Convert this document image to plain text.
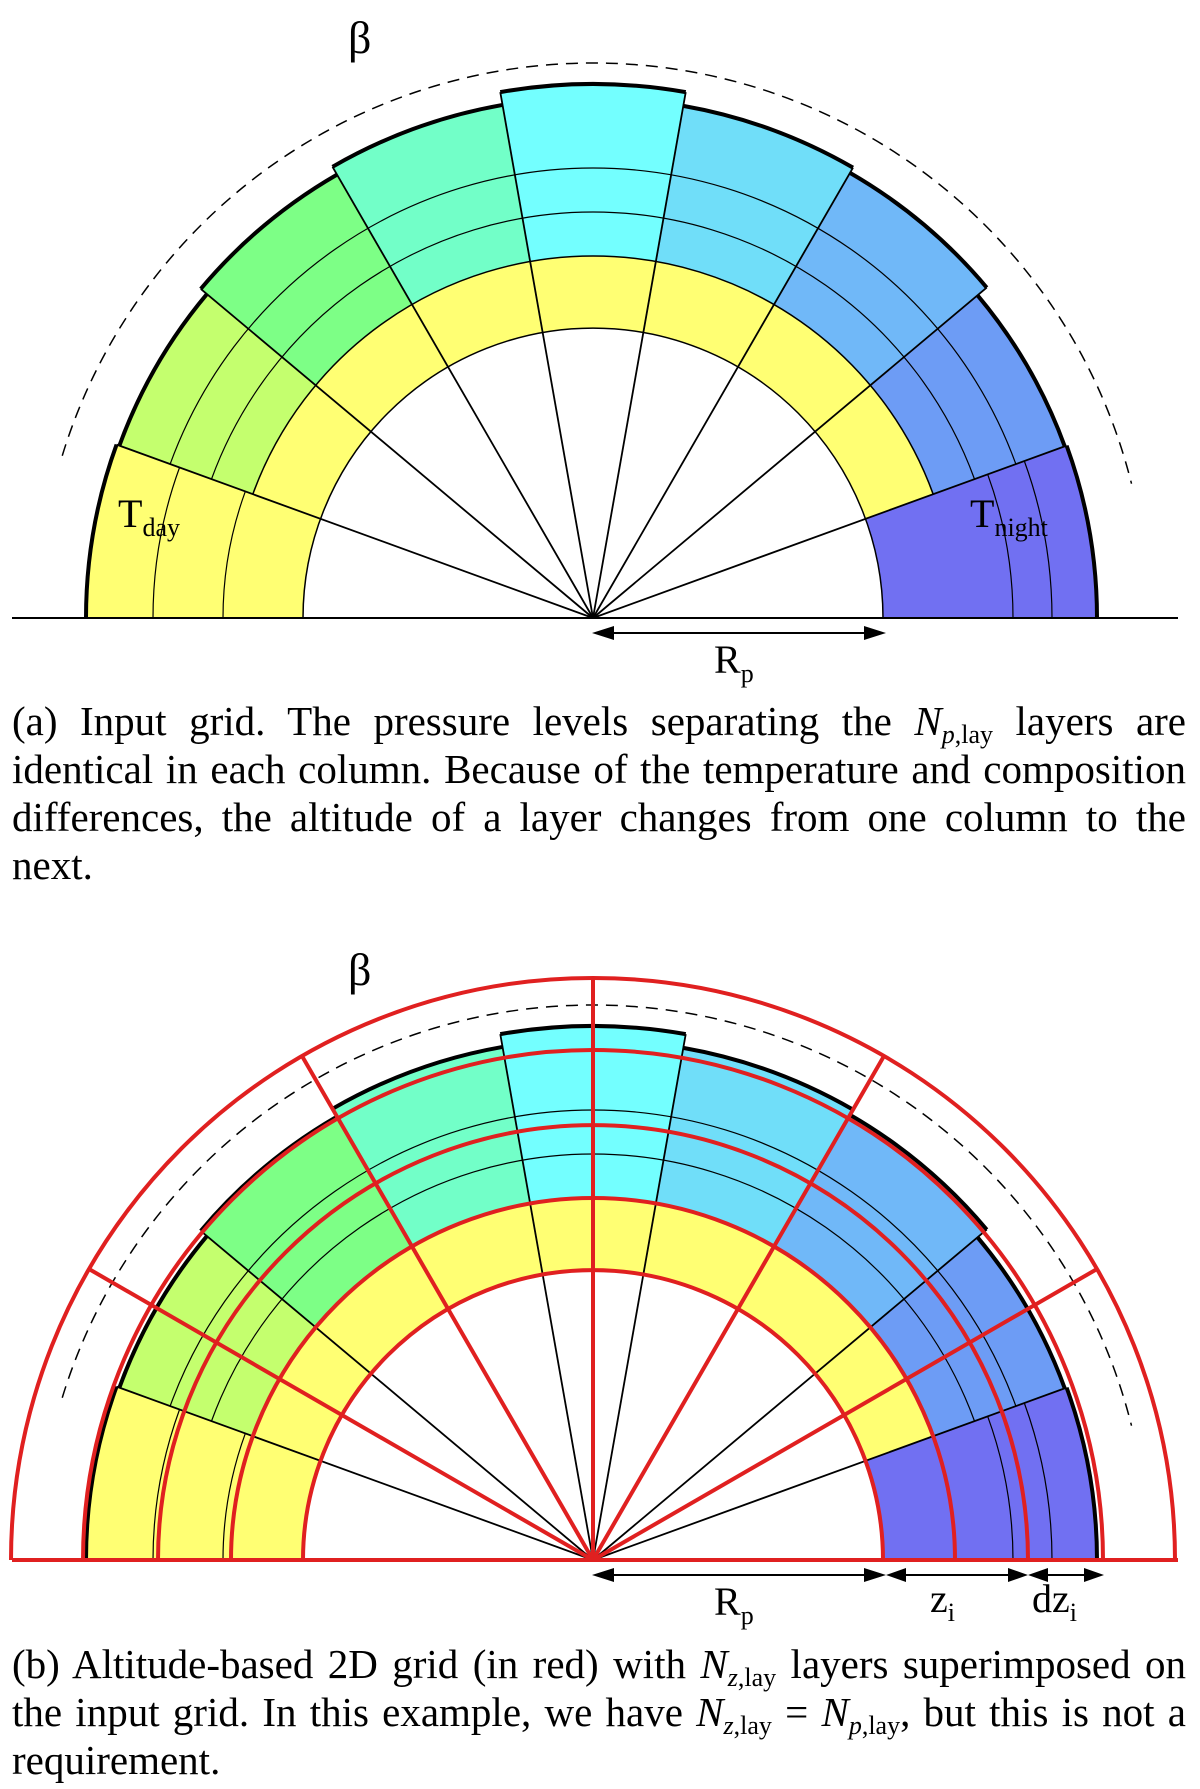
β
$T_{day}$	$T_{night}$
$R_p$
β
$R_p$	$z_i$ $dz_i$

(a) Input grid. The pressure levels separating the $N_{p,lay}$ layers are identical in each column. Because of the temperature and composition differences, the altitude of a layer changes from one column to the next.

(b) Altitude-based 2D grid (in red) with $N_{z,lay}$ layers superimposed on the input grid. In this example, we have $N_{z,lay} = N_{p,lay}$, but this is not a requirement.
